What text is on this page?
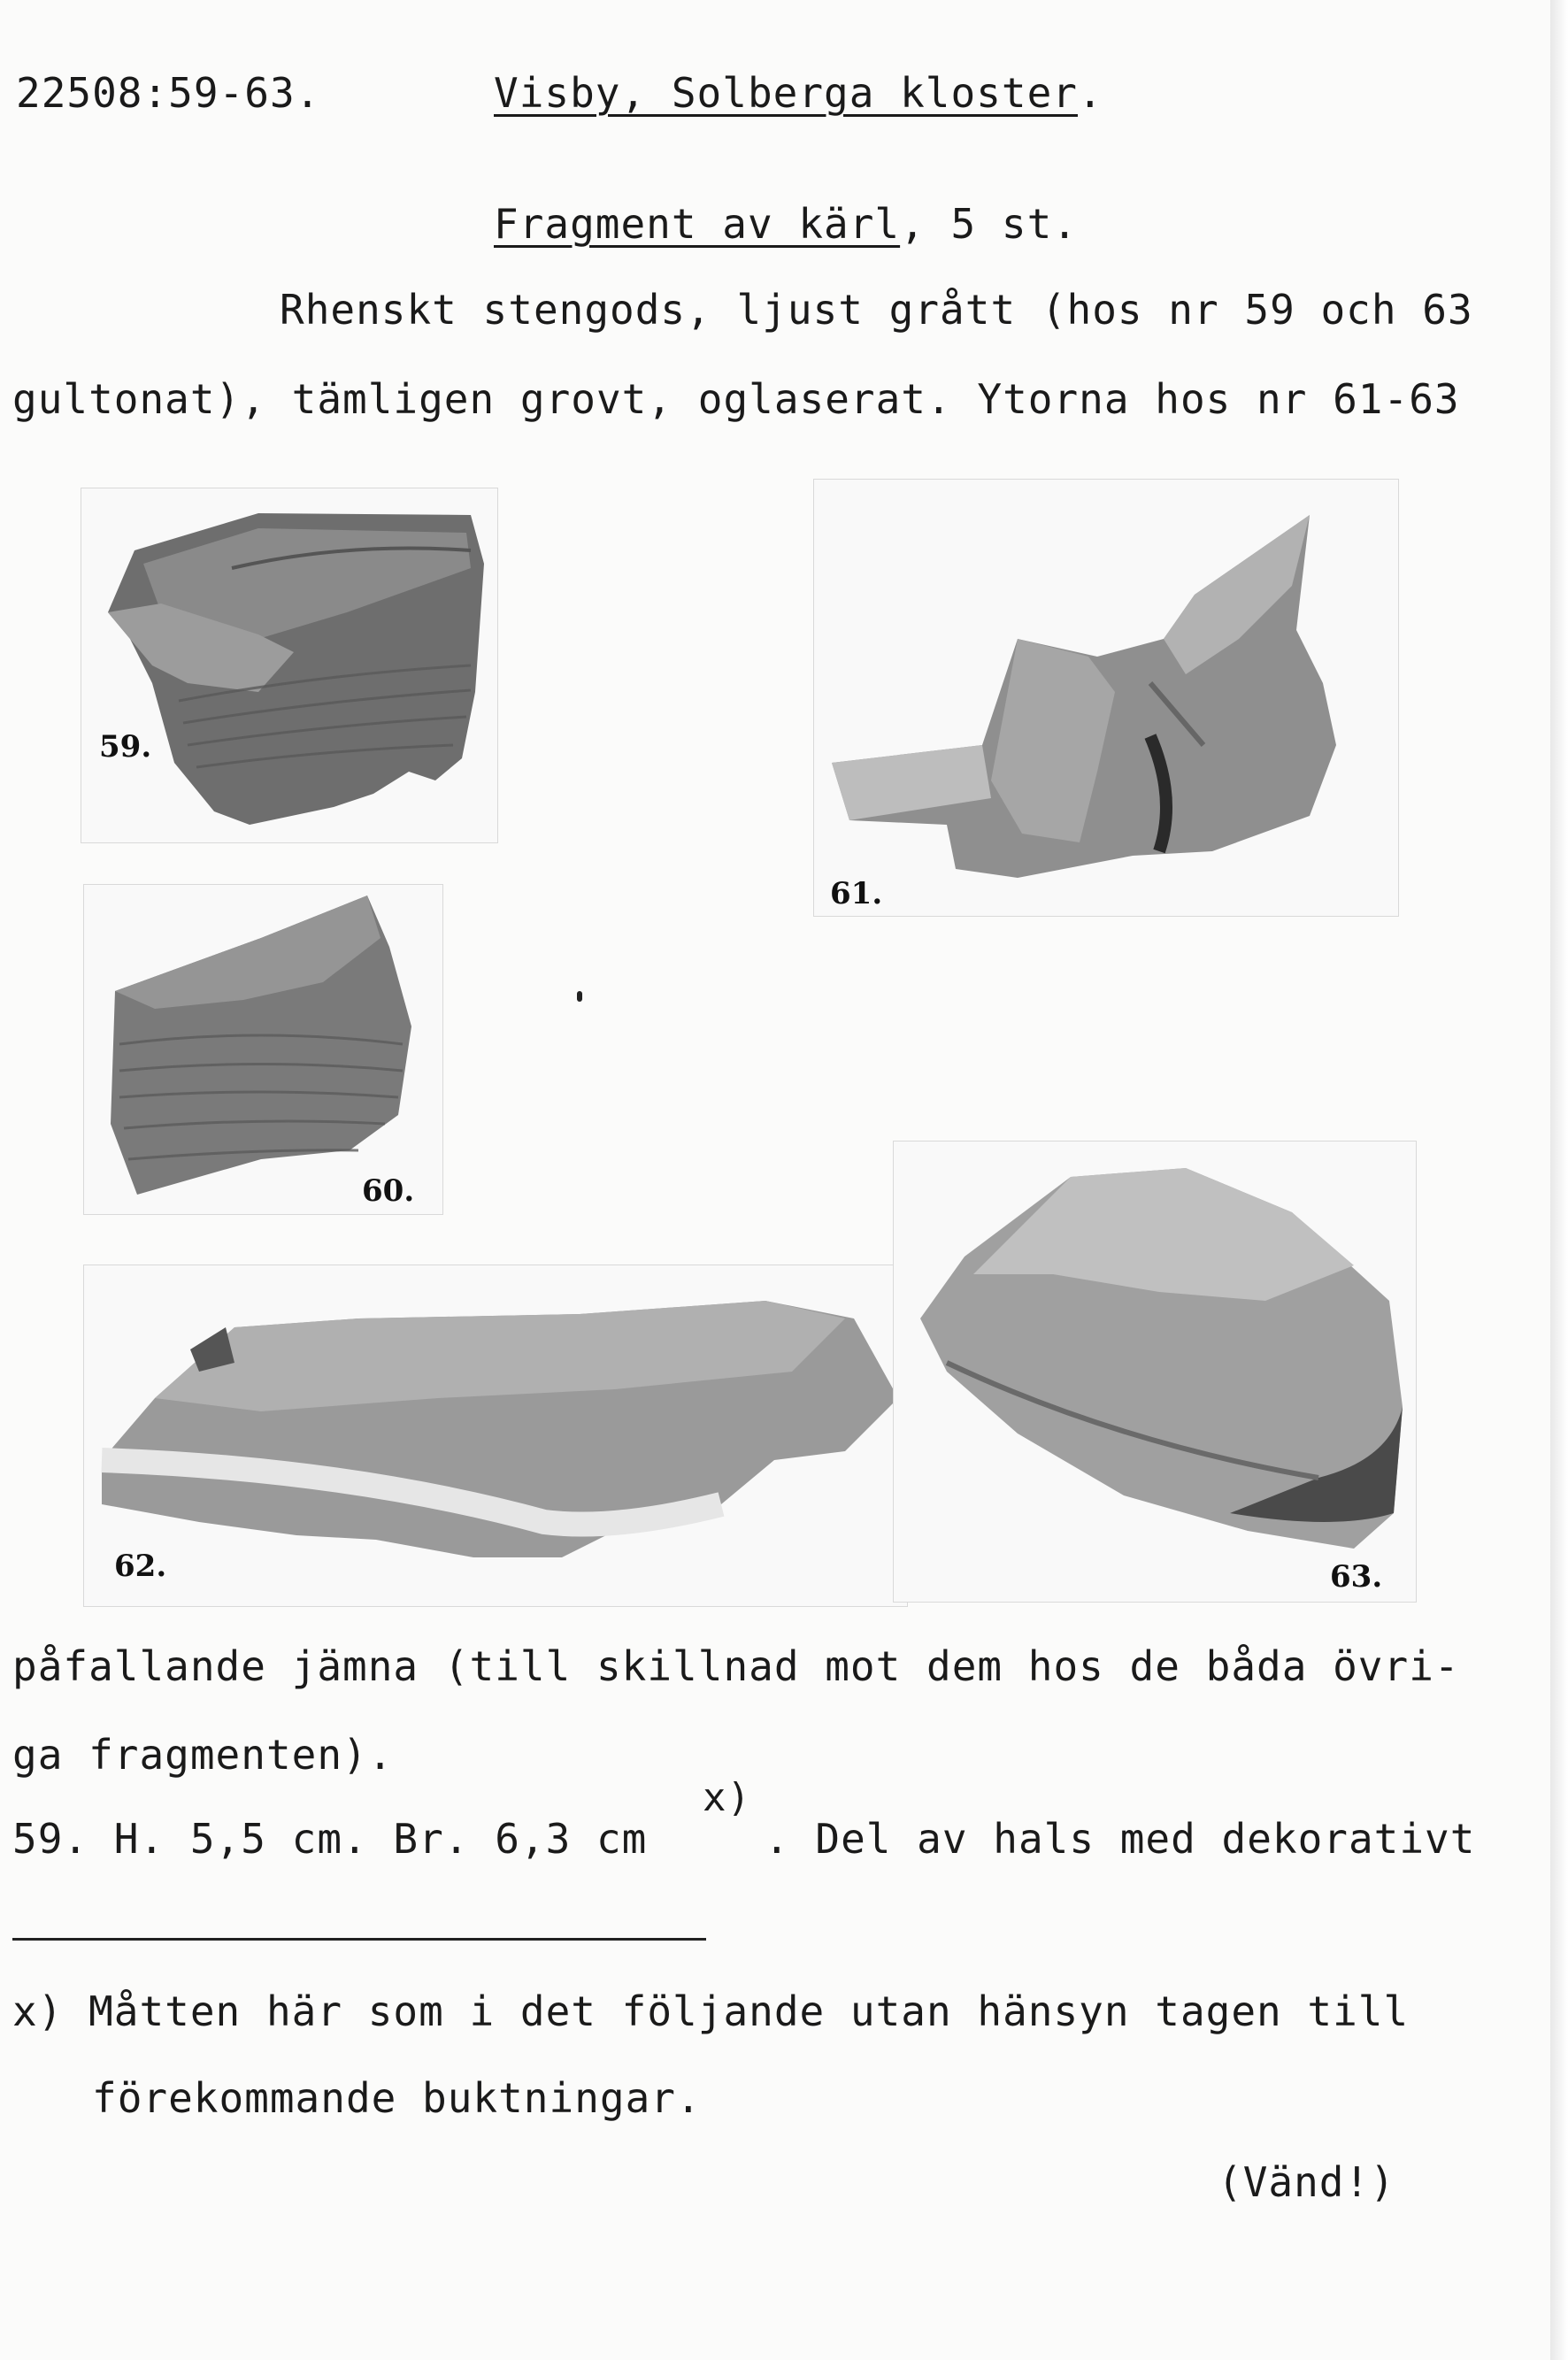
22508:59-63.	Visby, Solberga kloster.
Fragment av kärl, 5 st.
Rhenskt stengods, ljust grått (hos nr 59 och 63
gultonat), tämligen grovt, oglaserat. Ytorna hos nr 61-63
59.
61.
60.
62.	63.
påfallande jämna (till skillnad mot dem hos de båda övri-
ga fragmenten).
x)
59. H. 5,5 cm. Br. 6,3 cm	. Del av hals med dekorativt
x) Måtten här som i det följande utan hänsyn tagen till
förekommande buktningar.
(Vänd!)
